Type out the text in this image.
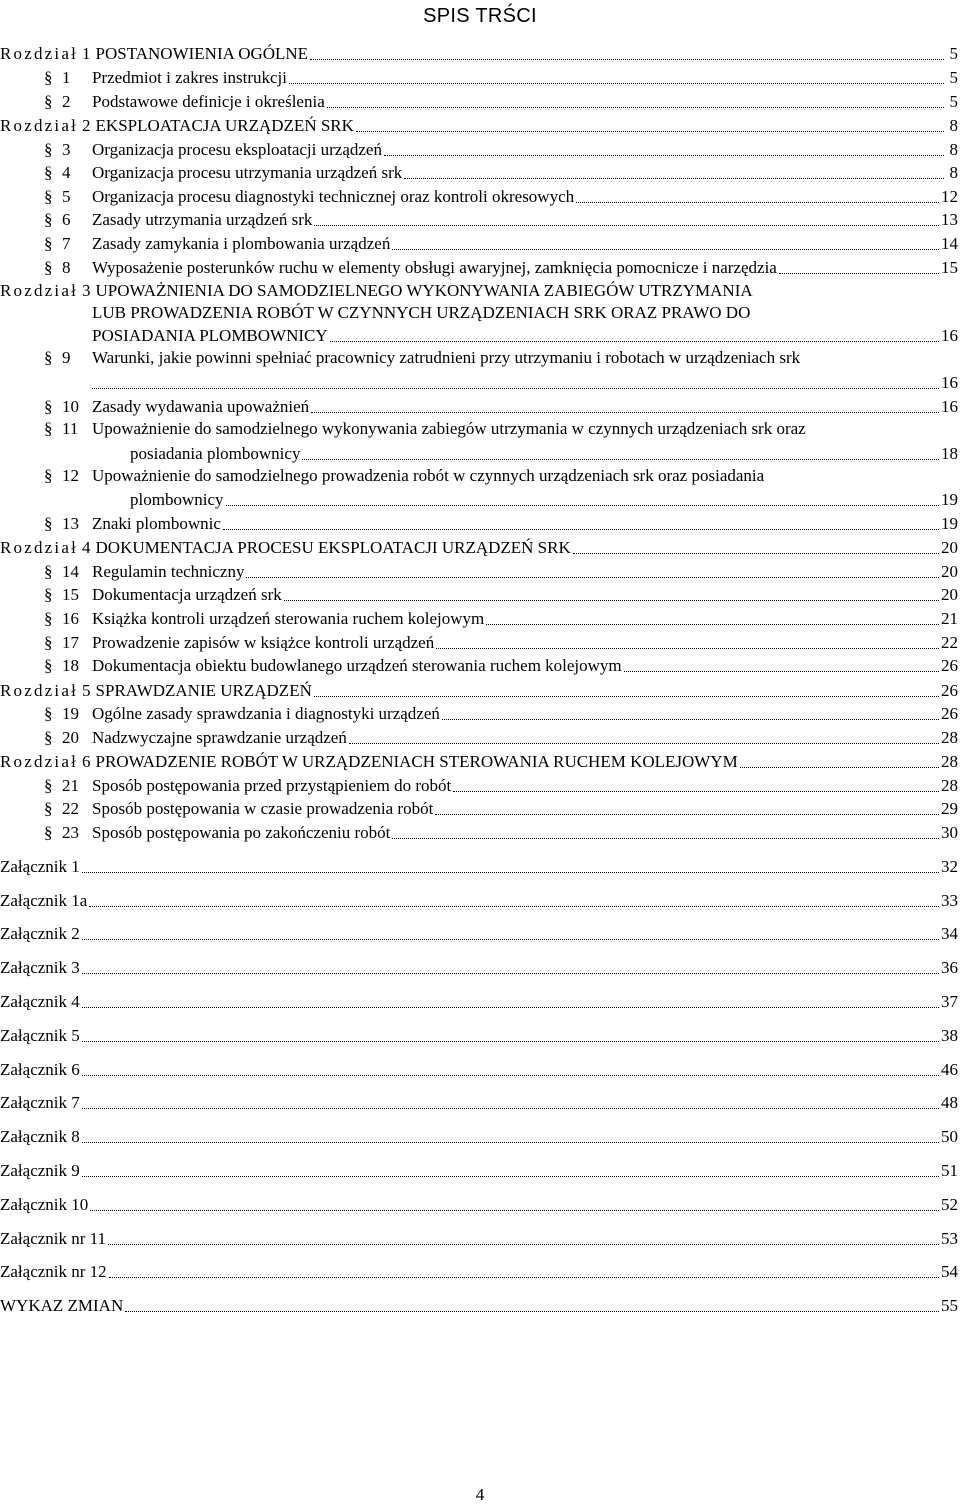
SPIS TRŚCI
Rozdział 1 POSTANOWIENIA OGÓLNE	5
§ 1	Przedmiot i zakres instrukcji	5
§ 2	Podstawowe definicje i określenia	5
Rozdział 2 EKSPLOATACJA URZĄDZEŃ SRK	8
§ 3	Organizacja procesu eksploatacji urządzeń	8
§ 4	Organizacja procesu utrzymania urządzeń srk	8
§ 5	Organizacja procesu diagnostyki technicznej oraz kontroli okresowych	12
§ 6	Zasady utrzymania urządzeń srk	13
§ 7	Zasady zamykania i plombowania urządzeń	14
§ 8	Wyposażenie posterunków ruchu w elementy obsługi awaryjnej, zamknięcia pomocnicze i narzędzia	15
Rozdział 3 UPOWAŻNIENIA DO SAMODZIELNEGO WYKONYWANIA ZABIEGÓW UTRZYMANIA
LUB PROWADZENIA ROBÓT W CZYNNYCH URZĄDZENIACH SRK ORAZ PRAWO DO
POSIADANIA PLOMBOWNICY	16
§ 9	Warunki, jakie powinni spełniać pracownicy zatrudnieni przy utrzymaniu i robotach w urządzeniach srk
16
§ 10 Zasady wydawania upoważnień	16
§ 11 Upoważnienie do samodzielnego wykonywania zabiegów utrzymania w czynnych urządzeniach srk oraz
posiadania plombownicy	18
§ 12 Upoważnienie do samodzielnego prowadzenia robót w czynnych urządzeniach srk oraz posiadania
plombownicy	19
§ 13 Znaki plombownic	19
Rozdział 4 DOKUMENTACJA PROCESU EKSPLOATACJI URZĄDZEŃ SRK	20
§ 14 Regulamin techniczny	20
§ 15 Dokumentacja urządzeń srk	20
§ 16 Książka kontroli urządzeń sterowania ruchem kolejowym	21
§ 17 Prowadzenie zapisów w książce kontroli urządzeń	22
§ 18 Dokumentacja obiektu budowlanego urządzeń sterowania ruchem kolejowym	26
Rozdział 5 SPRAWDZANIE URZĄDZEŃ	26
§ 19 Ogólne zasady sprawdzania i diagnostyki urządzeń	26
§ 20 Nadzwyczajne sprawdzanie urządzeń	28
Rozdział 6 PROWADZENIE ROBÓT W URZĄDZENIACH STEROWANIA RUCHEM KOLEJOWYM	28
§ 21 Sposób postępowania przed przystąpieniem do robót	28
§ 22 Sposób postępowania w czasie prowadzenia robót	29
§ 23 Sposób postępowania po zakończeniu robót	30
Załącznik 1	32
Załącznik 1a	33
Załącznik 2	34
Załącznik 3	36
Załącznik 4	37
Załącznik 5	38
Załącznik 6	46
Załącznik 7	48
Załącznik 8	50
Załącznik 9	51
Załącznik 10	52
Załącznik nr 11	53
Załącznik nr 12	54
WYKAZ ZMIAN	55
4
